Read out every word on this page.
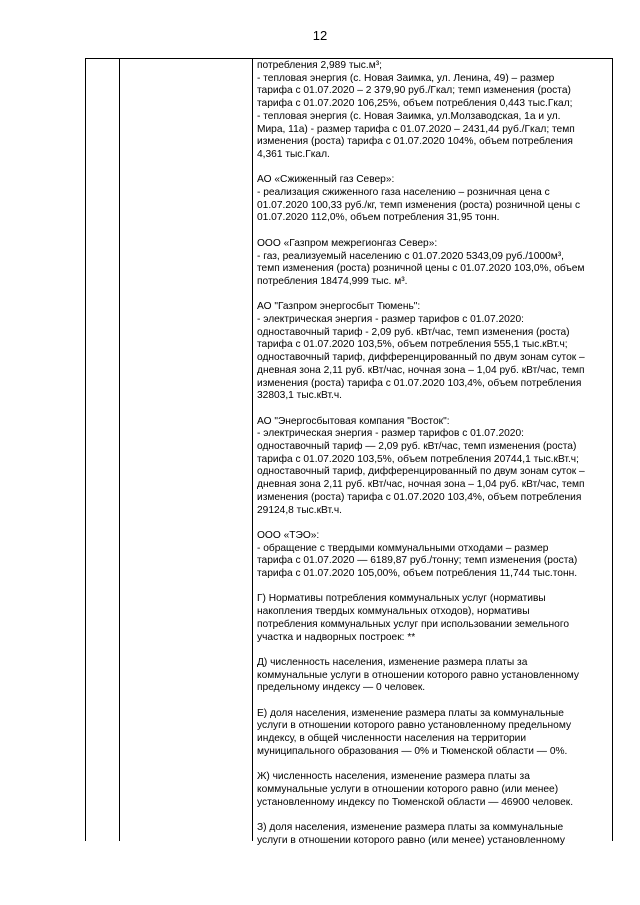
12
потребления 2,989 тыс.м³;
- тепловая энергия (с. Новая Заимка, ул. Ленина, 49) – размер
тарифа с 01.07.2020 – 2 379,90 руб./Гкал; темп изменения (роста)
тарифа с 01.07.2020 106,25%, объем потребления 0,443 тыс.Гкал;
- тепловая энергия (с. Новая Заимка, ул.Молзаводская, 1а и ул.
Мира, 11а) - размер тарифа с 01.07.2020 – 2431,44 руб./Гкал; темп
изменения (роста) тарифа с 01.07.2020 104%, объем потребления
4,361 тыс.Гкал.
АО «Сжиженный газ Север»:
- реализация сжиженного газа населению – розничная цена с
01.07.2020 100,33 руб./кг, темп изменения (роста) розничной цены с
01.07.2020 112,0%, объем потребления 31,95 тонн.
ООО «Газпром межрегионгаз Север»:
- газ, реализуемый населению с 01.07.2020 5343,09 руб./1000м³,
темп изменения (роста) розничной цены с 01.07.2020 103,0%, объем
потребления 18474,999 тыс. м³.
АО "Газпром энергосбыт Тюмень":
- электрическая энергия - размер тарифов с 01.07.2020:
одноставочный тариф - 2,09 руб. кВт/час, темп изменения (роста)
тарифа с 01.07.2020 103,5%, объем потребления 555,1 тыс.кВт.ч;
одноставочный тариф, дифференцированный по двум зонам суток –
дневная зона 2,11 руб. кВт/час, ночная зона – 1,04 руб. кВт/час, темп
изменения (роста) тарифа с 01.07.2020 103,4%, объем потребления
32803,1 тыс.кВт.ч.
АО "Энергосбытовая компания "Восток":
- электрическая энергия - размер тарифов с 01.07.2020:
одноставочный тариф — 2,09 руб. кВт/час, темп изменения (роста)
тарифа с 01.07.2020 103,5%, объем потребления 20744,1 тыс.кВт.ч;
одноставочный тариф, дифференцированный по двум зонам суток –
дневная зона 2,11 руб. кВт/час, ночная зона – 1,04 руб. кВт/час, темп
изменения (роста) тарифа с 01.07.2020 103,4%, объем потребления
29124,8 тыс.кВт.ч.
ООО «ТЭО»:
- обращение с твердыми коммунальными отходами – размер
тарифа с 01.07.2020 — 6189,87 руб./тонну; темп изменения (роста)
тарифа с 01.07.2020 105,00%, объем потребления 11,744 тыс.тонн.
Г) Нормативы потребления коммунальных услуг (нормативы
накопления твердых коммунальных отходов), нормативы
потребления коммунальных услуг при использовании земельного
участка и надворных построек: **
Д) численность населения, изменение размера платы за
коммунальные услуги в отношении которого равно установленному
предельному индексу — 0 человек.
Е) доля населения, изменение размера платы за коммунальные
услуги в отношении которого равно установленному предельному
индексу, в общей численности населения на территории
муниципального образования — 0% и Тюменской области — 0%.
Ж) численность населения, изменение размера платы за
коммунальные услуги в отношении которого равно (или менее)
установленному индексу по Тюменской области — 46900 человек.
З) доля населения, изменение размера платы за коммунальные
услуги в отношении которого равно (или менее) установленному
